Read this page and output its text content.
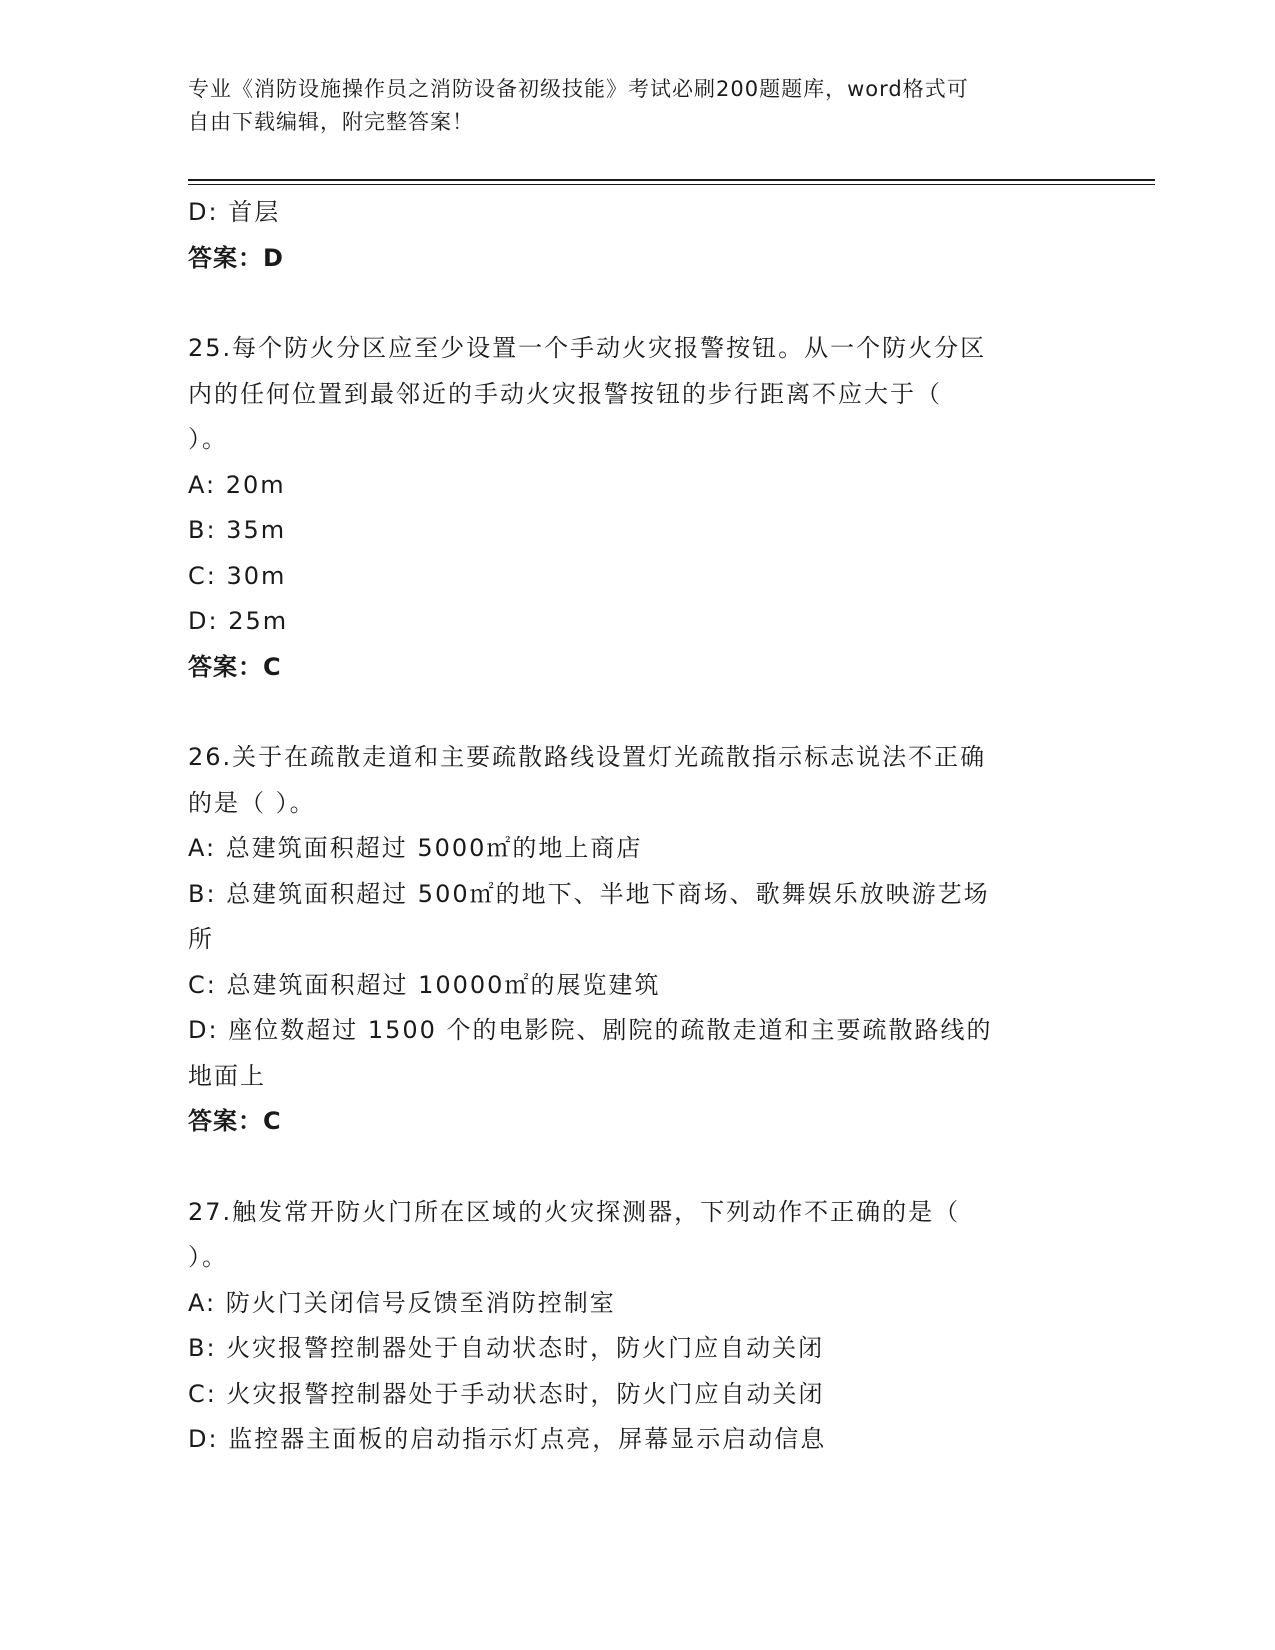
专业《消防设施操作员之消防设备初级技能》考试必刷200题题库，word格式可
自由下载编辑，附完整答案！

D: 首层

答案：D

25.每个防火分区应至少设置一个手动火灾报警按钮。从一个防火分区

内的任何位置到最邻近的手动火灾报警按钮的步行距离不应大于（

）。

A: 20m

B: 35m

C: 30m

D: 25m

答案：C

26.关于在疏散走道和主要疏散路线设置灯光疏散指示标志说法不正确

的是（ ）。

A: 总建筑面积超过 5000㎡的地上商店

B: 总建筑面积超过 500㎡的地下、半地下商场、歌舞娱乐放映游艺场

所

C: 总建筑面积超过 10000㎡的展览建筑

D: 座位数超过 1500 个的电影院、剧院的疏散走道和主要疏散路线的

地面上

答案：C

27.触发常开防火门所在区域的火灾探测器，下列动作不正确的是（

）。

A: 防火门关闭信号反馈至消防控制室

B: 火灾报警控制器处于自动状态时，防火门应自动关闭

C: 火灾报警控制器处于手动状态时，防火门应自动关闭

D: 监控器主面板的启动指示灯点亮，屏幕显示启动信息
